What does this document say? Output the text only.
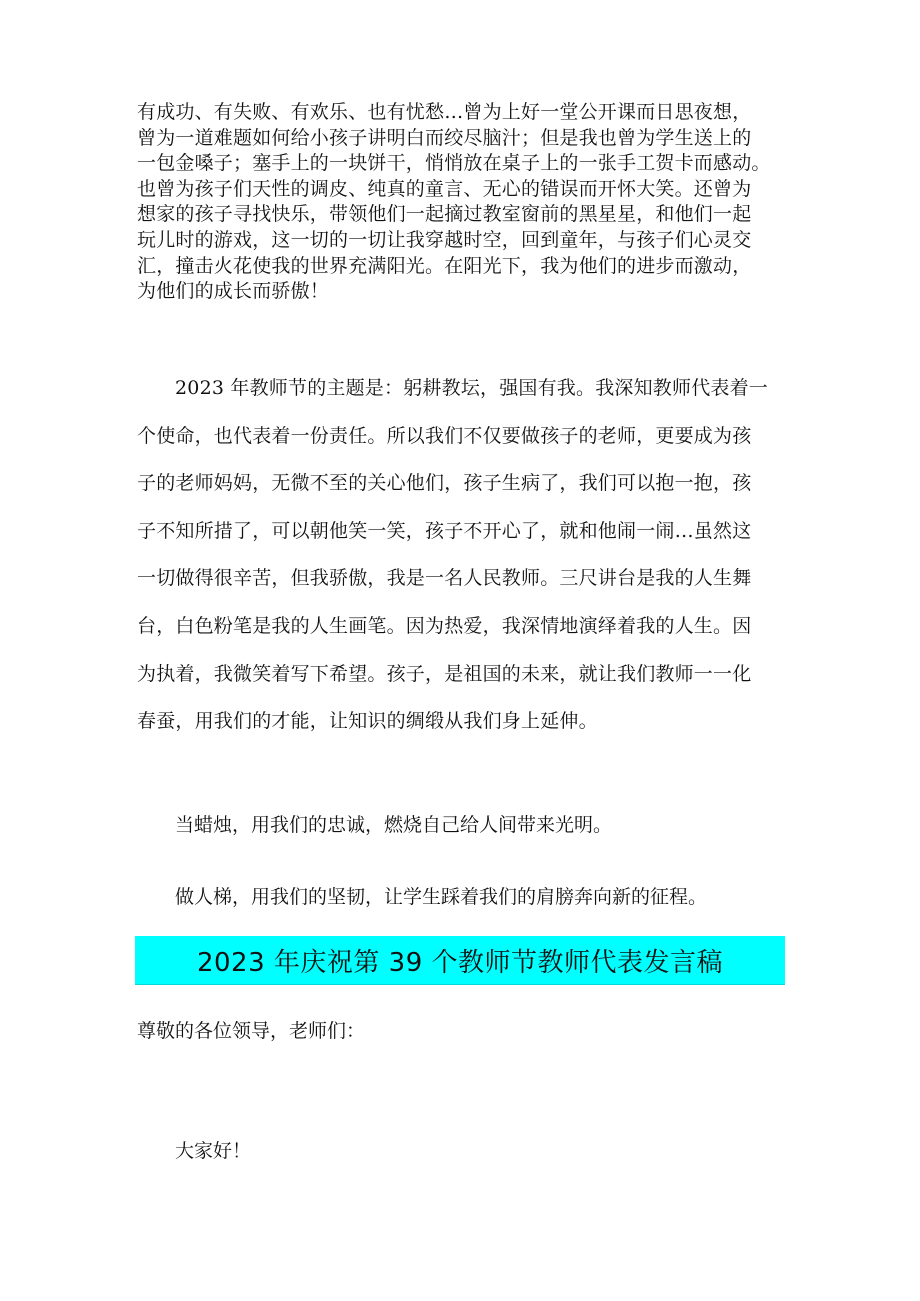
有成功、有失败、有欢乐、也有忧愁…曾为上好一堂公开课而日思夜想，
曾为一道难题如何给小孩子讲明白而绞尽脑汁；但是我也曾为学生送上的
一包金嗓子；塞手上的一块饼干，悄悄放在桌子上的一张手工贺卡而感动。
也曾为孩子们天性的调皮、纯真的童言、无心的错误而开怀大笑。还曾为
想家的孩子寻找快乐，带领他们一起摘过教室窗前的黑星星，和他们一起
玩儿时的游戏，这一切的一切让我穿越时空，回到童年，与孩子们心灵交
汇，撞击火花使我的世界充满阳光。在阳光下，我为他们的进步而激动，
为他们的成长而骄傲！
2023 年教师节的主题是：躬耕教坛，强国有我。我深知教师代表着一
个使命，也代表着一份责任。所以我们不仅要做孩子的老师，更要成为孩
子的老师妈妈，无微不至的关心他们，孩子生病了，我们可以抱一抱，孩
子不知所措了，可以朝他笑一笑，孩子不开心了，就和他闹一闹…虽然这
一切做得很辛苦，但我骄傲，我是一名人民教师。三尺讲台是我的人生舞
台，白色粉笔是我的人生画笔。因为热爱，我深情地演绎着我的人生。因
为执着，我微笑着写下希望。孩子，是祖国的未来，就让我们教师一一化
春蚕，用我们的才能，让知识的绸缎从我们身上延伸。
当蜡烛，用我们的忠诚，燃烧自己给人间带来光明。
做人梯，用我们的坚韧，让学生踩着我们的肩膀奔向新的征程。
2023 年庆祝第 39 个教师节教师代表发言稿
尊敬的各位领导，老师们：
大家好！
